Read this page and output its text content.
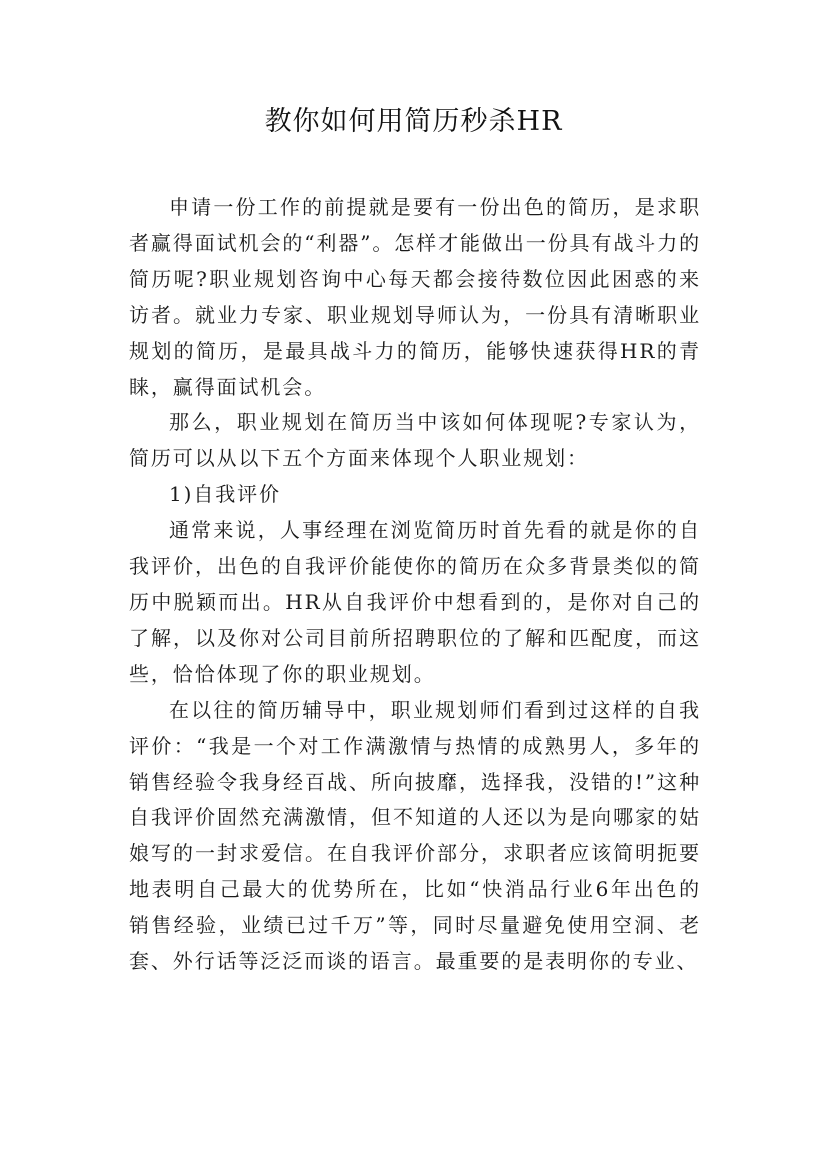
教你如何用简历秒杀HR

申请一份工作的前提就是要有一份出色的简历，是求职者赢得面试机会的“利器”。怎样才能做出一份具有战斗力的简历呢?职业规划咨询中心每天都会接待数位因此困惑的来访者。就业力专家、职业规划导师认为，一份具有清晰职业规划的简历，是最具战斗力的简历，能够快速获得HR的青睐，赢得面试机会。

那么，职业规划在简历当中该如何体现呢?专家认为，简历可以从以下五个方面来体现个人职业规划：

1)自我评价

通常来说，人事经理在浏览简历时首先看的就是你的自我评价，出色的自我评价能使你的简历在众多背景类似的简历中脱颖而出。HR从自我评价中想看到的，是你对自己的了解，以及你对公司目前所招聘职位的了解和匹配度，而这些，恰恰体现了你的职业规划。

在以往的简历辅导中，职业规划师们看到过这样的自我评价：“我是一个对工作满激情与热情的成熟男人，多年的销售经验令我身经百战、所向披靡，选择我，没错的!”这种自我评价固然充满激情，但不知道的人还以为是向哪家的姑娘写的一封求爱信。在自我评价部分，求职者应该简明扼要地表明自己最大的优势所在，比如“快消品行业6年出色的销售经验，业绩已过千万”等，同时尽量避免使用空洞、老套、外行话等泛泛而谈的语言。最重要的是表明你的专业、
